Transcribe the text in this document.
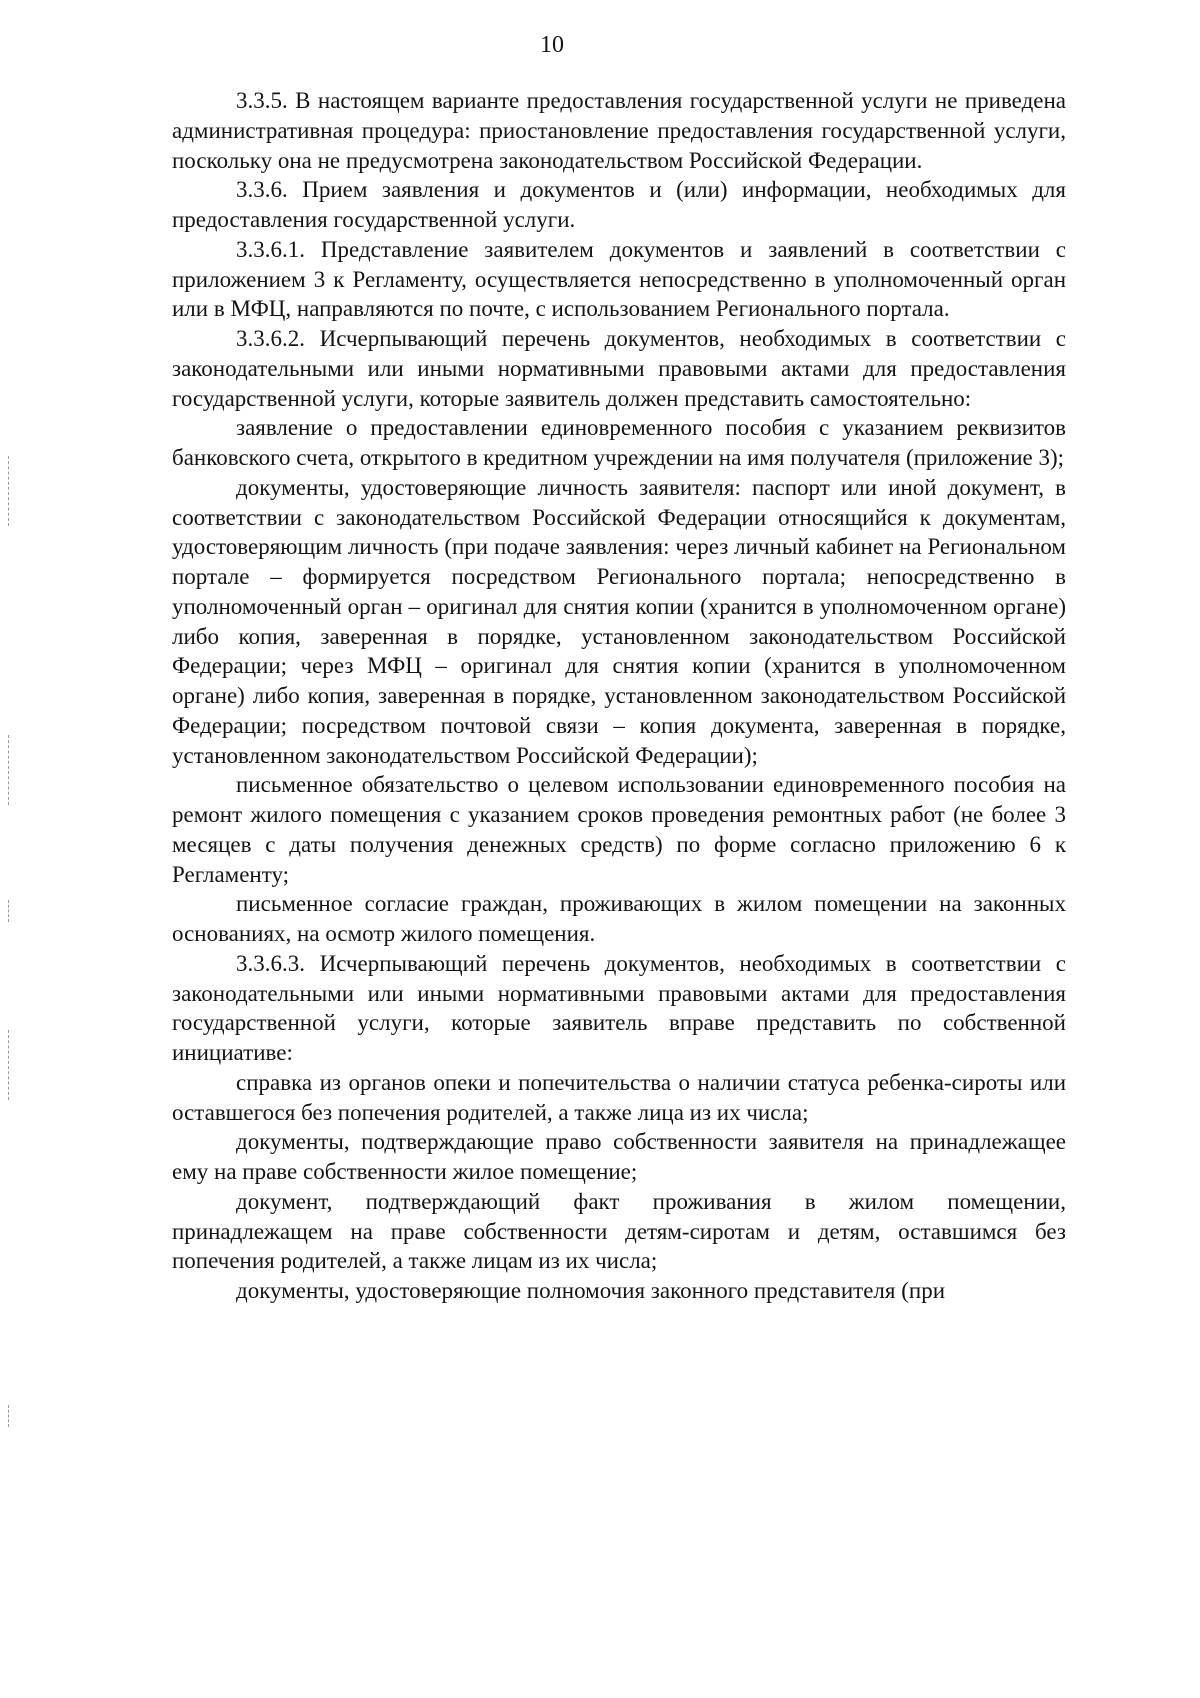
10

3.3.5. В настоящем варианте предоставления государственной услуги не приведена административная процедура: приостановление предоставления государственной услуги, поскольку она не предусмотрена законодательством Российской Федерации.

3.3.6. Прием заявления и документов и (или) информации, необходимых для предоставления государственной услуги.

3.3.6.1. Представление заявителем документов и заявлений в соответствии с приложением 3 к Регламенту, осуществляется непосредственно в уполномоченный орган или в МФЦ, направляются по почте, с использованием Регионального портала.

3.3.6.2. Исчерпывающий перечень документов, необходимых в соответствии с законодательными или иными нормативными правовыми актами для предоставления государственной услуги, которые заявитель должен представить самостоятельно:

заявление о предоставлении единовременного пособия с указанием реквизитов банковского счета, открытого в кредитном учреждении на имя получателя (приложение 3);

документы, удостоверяющие личность заявителя: паспорт или иной документ, в соответствии с законодательством Российской Федерации относящийся к документам, удостоверяющим личность (при подаче заявления: через личный кабинет на Региональном портале – формируется посредством Регионального портала; непосредственно в уполномоченный орган – оригинал для снятия копии (хранится в уполномоченном органе) либо копия, заверенная в порядке, установленном законодательством Российской Федерации; через МФЦ – оригинал для снятия копии (хранится в уполномоченном органе) либо копия, заверенная в порядке, установленном законодательством Российской Федерации; посредством почтовой связи – копия документа, заверенная в порядке, установленном законодательством Российской Федерации);

письменное обязательство о целевом использовании единовременного пособия на ремонт жилого помещения с указанием сроков проведения ремонтных работ (не более 3 месяцев с даты получения денежных средств) по форме согласно приложению 6 к Регламенту;

письменное согласие граждан, проживающих в жилом помещении на законных основаниях, на осмотр жилого помещения.

3.3.6.3. Исчерпывающий перечень документов, необходимых в соответствии с законодательными или иными нормативными правовыми актами для предоставления государственной услуги, которые заявитель вправе представить по собственной инициативе:

справка из органов опеки и попечительства о наличии статуса ребенка-сироты или оставшегося без попечения родителей, а также лица из их числа;

документы, подтверждающие право собственности заявителя на принадлежащее ему на праве собственности жилое помещение;

документ, подтверждающий факт проживания в жилом помещении, принадлежащем на праве собственности детям-сиротам и детям, оставшимся без попечения родителей, а также лицам из их числа;

документы, удостоверяющие полномочия законного представителя (при
